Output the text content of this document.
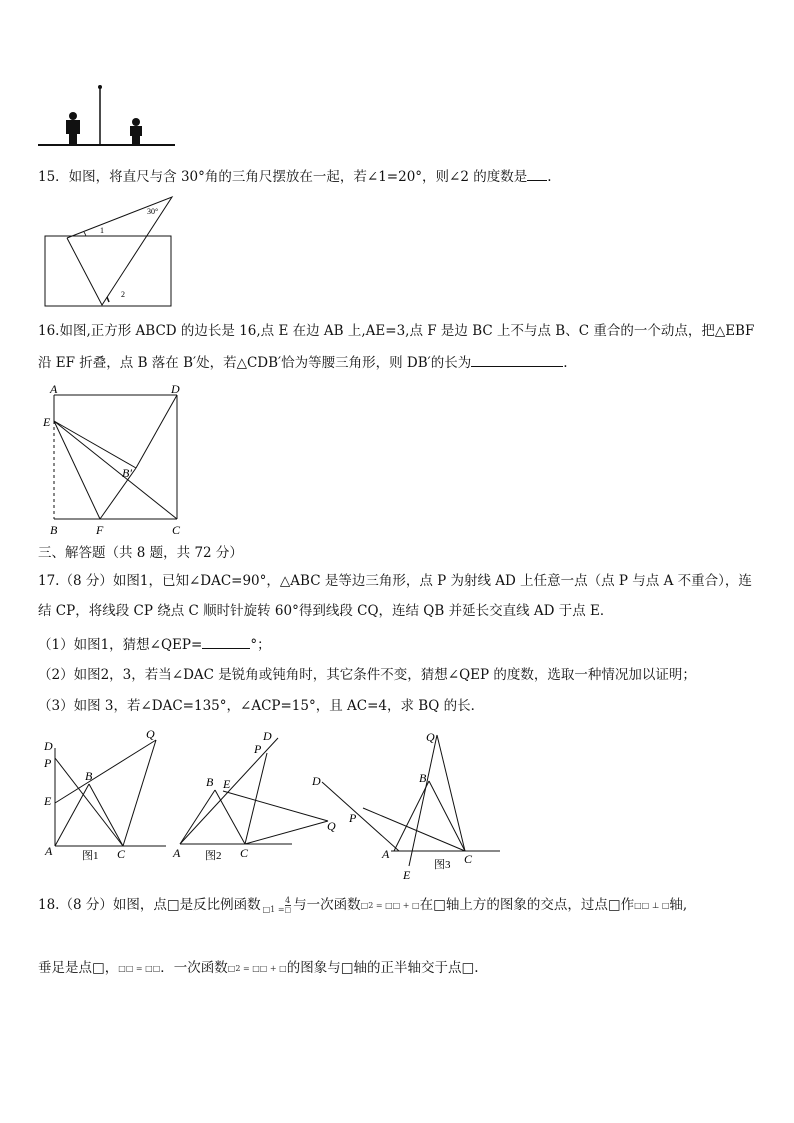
15．如图，将直尺与含 30°角的三角尺摆放在一起，若∠1=20°，则∠2 的度数是 .
1
30°
2
16.如图,正方形 ABCD 的边长是 16,点 E 在边 AB 上,AE=3,点 F 是边 BC 上不与点 B、C 重合的一个动点，把△EBF
沿 EF 折叠，点 B 落在 B′处，若△CDB′恰为等腰三角形，则 DB′的长为	.
A	D
E
B′
B	F	C
三、解答题（共 8 题，共 72 分）
17.（8 分）如图1，已知∠DAC=90°，△ABC 是等边三角形，点 P 为射线 AD 上任意一点（点 P 与点 A 不重合），连
结 CP，将线段 CP 绕点 C 顺时针旋转 60°得到线段 CQ，连结 QB 并延长交直线 AD 于点 E．
（1）如图1，猜想∠QEP=	°；
（2）如图2，3，若当∠DAC 是锐角或钝角时，其它条件不变，猜想∠QEP 的度数，选取一种情况加以证明；
（3）如图 3，若∠DAC=135°，∠ACP=15°，且 AC=4，求 BQ 的长．
D
P
E
A
B
C
Q
图1	A
B E
C
P
D
Q
图2
D
P
A
E
B
C
Q
图3
18.（8 分）如图，点□是反比例函数	4
□1 =□ 与一次函数□2 = □□ + □在□轴上方的图象的交点，过点□作□□ ⊥ □轴,
垂足是点□，□□ = □□．一次函数□2 = □□ + □的图象与□轴的正半轴交于点□.
